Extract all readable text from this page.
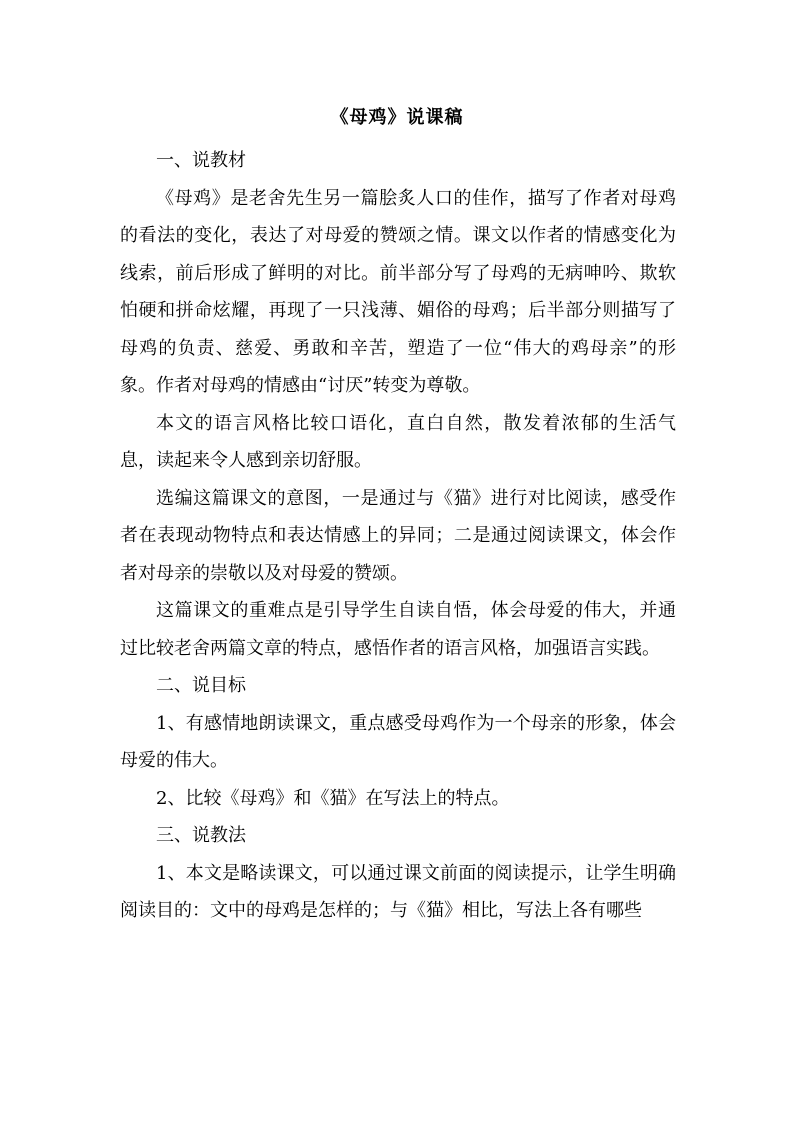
《母鸡》说课稿

一、说教材

《母鸡》是老舍先生另一篇脍炙人口的佳作，描写了作者对母鸡的看法的变化，表达了对母爱的赞颂之情。课文以作者的情感变化为线索，前后形成了鲜明的对比。前半部分写了母鸡的无病呻吟、欺软怕硬和拼命炫耀，再现了一只浅薄、媚俗的母鸡；后半部分则描写了母鸡的负责、慈爱、勇敢和辛苦，塑造了一位“伟大的鸡母亲”的形象。作者对母鸡的情感由“讨厌”转变为尊敬。

本文的语言风格比较口语化，直白自然，散发着浓郁的生活气息，读起来令人感到亲切舒服。

选编这篇课文的意图，一是通过与《猫》进行对比阅读，感受作者在表现动物特点和表达情感上的异同；二是通过阅读课文，体会作者对母亲的崇敬以及对母爱的赞颂。

这篇课文的重难点是引导学生自读自悟，体会母爱的伟大，并通过比较老舍两篇文章的特点，感悟作者的语言风格，加强语言实践。

二、说目标

1、有感情地朗读课文，重点感受母鸡作为一个母亲的形象，体会母爱的伟大。

2、比较《母鸡》和《猫》在写法上的特点。

三、说教法

1、本文是略读课文，可以通过课文前面的阅读提示，让学生明确阅读目的：文中的母鸡是怎样的；与《猫》相比，写法上各有哪些
